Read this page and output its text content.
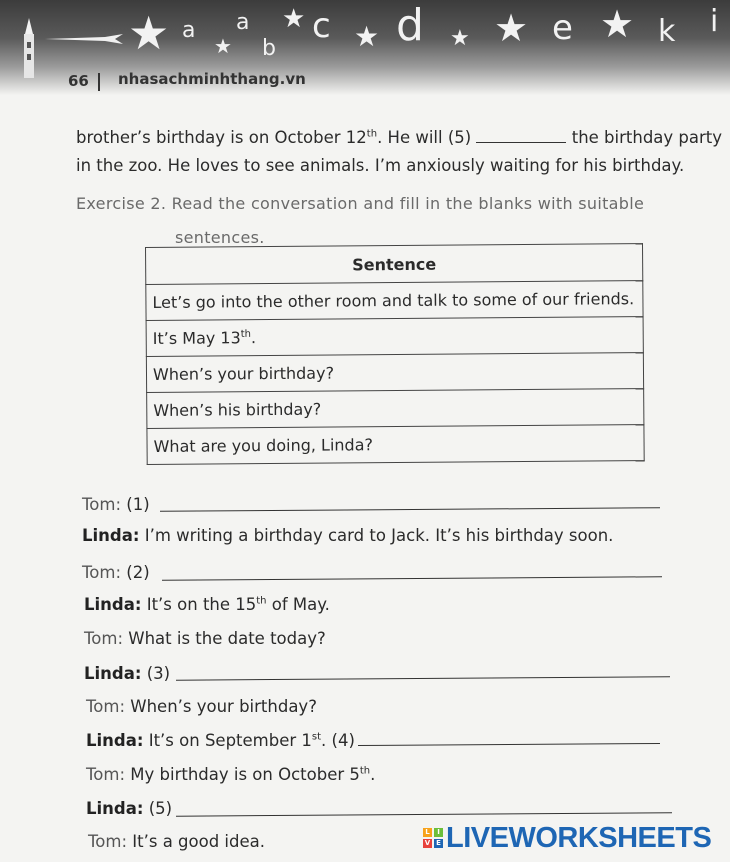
★ a a
★ b
★ c ★ d ★ ★ e ★ k i
66 nhasachminhthang.vn
brother’s birthday is on October 12th. He will (5)	the birthday party
in the zoo. He loves to see animals. I’m anxiously waiting for his birthday.
Exercise 2. Read the conversation and fill in the blanks with suitable
sentences.
Sentence
Let’s go into the other room and talk to some of our friends.
It’s May 13th.
When’s your birthday?
When’s his birthday?
What are you doing, Linda?
Tom: (1)
Linda: I’m writing a birthday card to Jack. It’s his birthday soon.
Tom: (2)
Linda: It’s on the 15th of May.
Tom: What is the date today?
Linda: (3)
Tom: When’s your birthday?
Linda: It’s on September 1st. (4)
Tom: My birthday is on October 5th.
Linda: (5)
Tom: It’s a good idea.	L	I
V E LIVEWORKSHEETS
